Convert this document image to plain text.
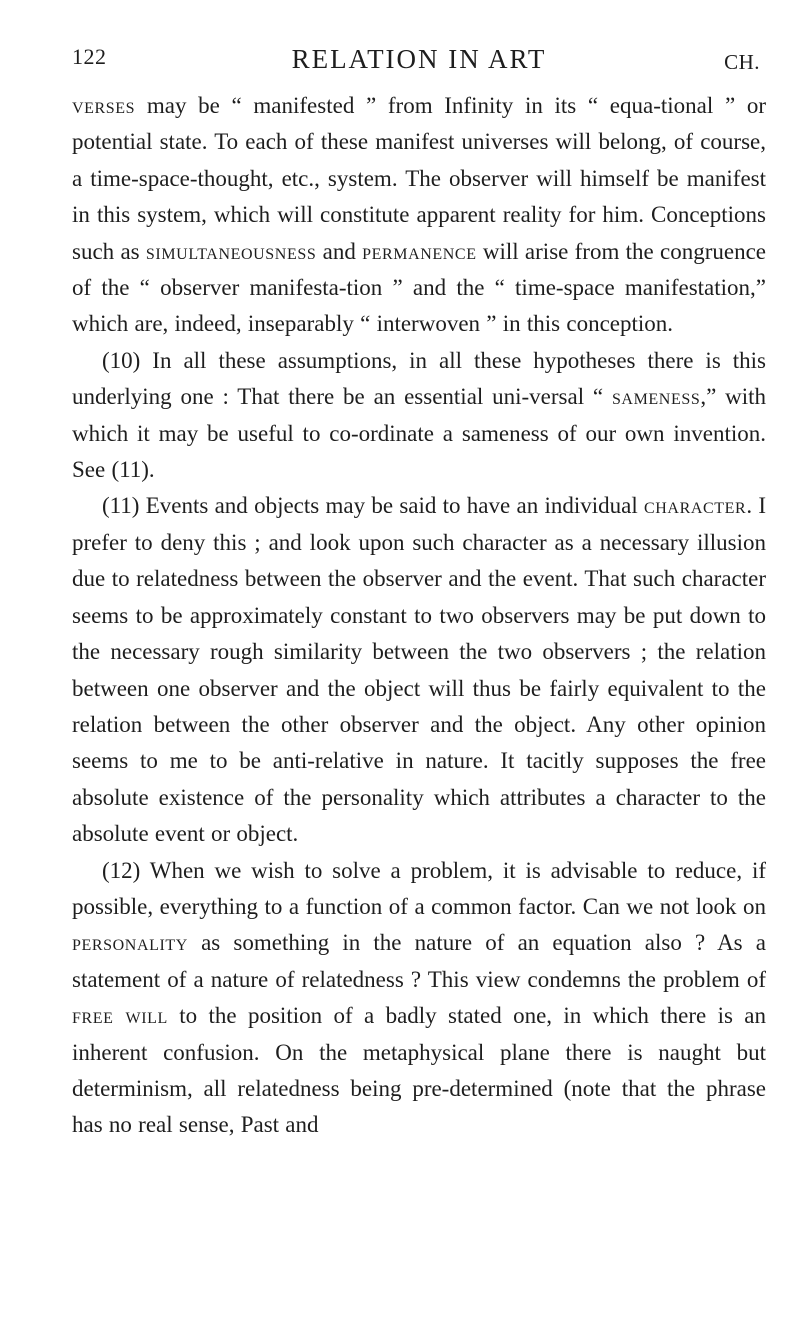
122	RELATION IN ART	CH.

verses may be “ manifested ” from Infinity in its “ equa-tional ” or potential state. To each of these manifest universes will belong, of course, a time-space-thought, etc., system. The observer will himself be manifest in this system, which will constitute apparent reality for him. Conceptions such as simultaneousness and permanence will arise from the congruence of the “ observer manifesta-tion ” and the “ time-space manifestation,” which are, indeed, inseparably “ interwoven ” in this conception.

(10) In all these assumptions, in all these hypotheses there is this underlying one : That there be an essential uni-versal “ sameness,” with which it may be useful to co-ordinate a sameness of our own invention. See (11).

(11) Events and objects may be said to have an individual character. I prefer to deny this ; and look upon such character as a necessary illusion due to relatedness between the observer and the event. That such character seems to be approximately constant to two observers may be put down to the necessary rough similarity between the two observers ; the relation between one observer and the object will thus be fairly equivalent to the relation between the other observer and the object. Any other opinion seems to me to be anti-relative in nature. It tacitly supposes the free absolute existence of the personality which attributes a character to the absolute event or object.

(12) When we wish to solve a problem, it is advisable to reduce, if possible, everything to a function of a common factor. Can we not look on personality as something in the nature of an equation also ? As a statement of a nature of relatedness ? This view condemns the problem of free will to the position of a badly stated one, in which there is an inherent confusion. On the metaphysical plane there is naught but determinism, all relatedness being pre-determined (note that the phrase has no real sense, Past and
